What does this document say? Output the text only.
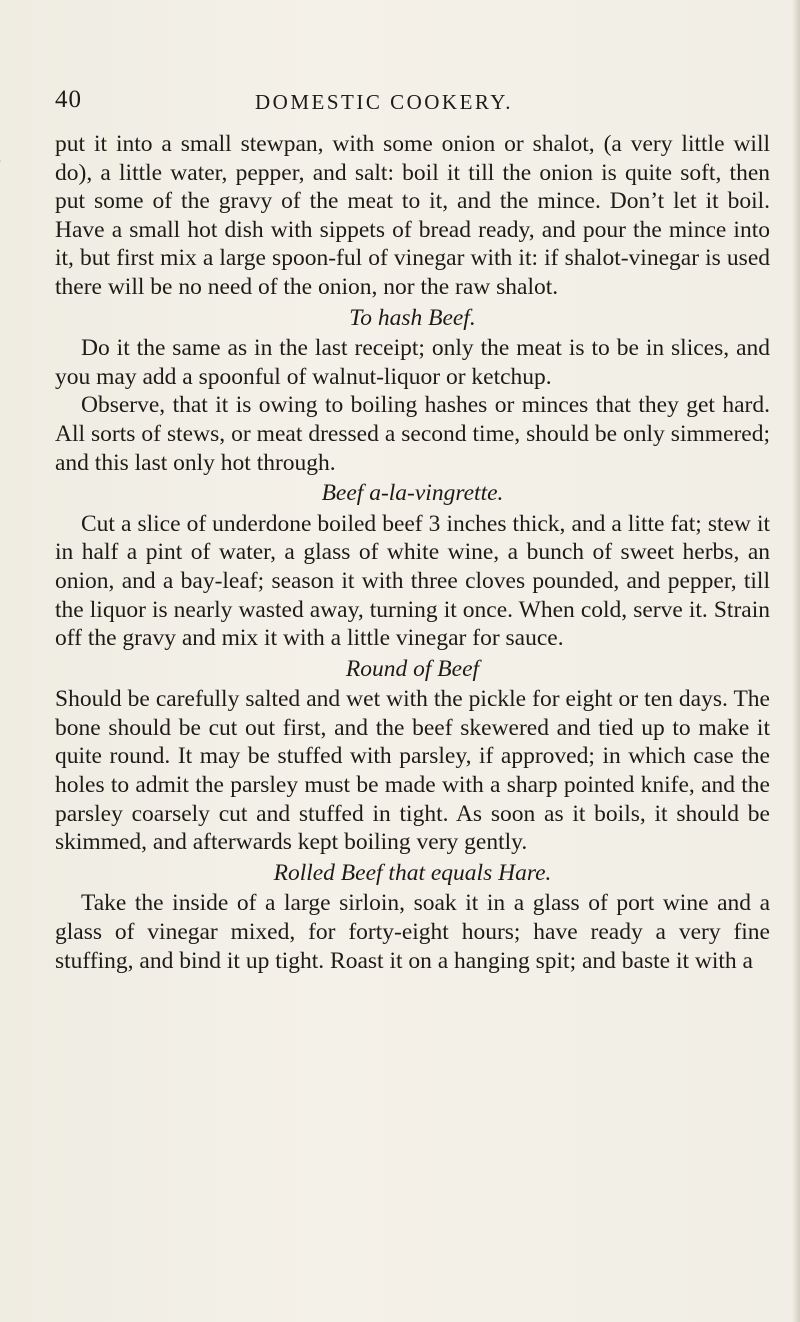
40	DOMESTIC COOKERY.

put it into a small stewpan, with some onion or shalot, (a very little will do), a little water, pepper, and salt: boil it till the onion is quite soft, then put some of the gravy of the meat to it, and the mince. Don’t let it boil. Have a small hot dish with sippets of bread ready, and pour the mince into it, but first mix a large spoon-ful of vinegar with it: if shalot-vinegar is used there will be no need of the onion, nor the raw shalot.

To hash Beef.

Do it the same as in the last receipt; only the meat is to be in slices, and you may add a spoonful of walnut-liquor or ketchup.

Observe, that it is owing to boiling hashes or minces that they get hard. All sorts of stews, or meat dressed a second time, should be only simmered; and this last only hot through.

Beef a-la-vingrette.

Cut a slice of underdone boiled beef 3 inches thick, and a litte fat; stew it in half a pint of water, a glass of white wine, a bunch of sweet herbs, an onion, and a bay-leaf; season it with three cloves pounded, and pepper, till the liquor is nearly wasted away, turning it once. When cold, serve it. Strain off the gravy and mix it with a little vinegar for sauce.

Round of Beef

Should be carefully salted and wet with the pickle for eight or ten days. The bone should be cut out first, and the beef skewered and tied up to make it quite round. It may be stuffed with parsley, if approved; in which case the holes to admit the parsley must be made with a sharp pointed knife, and the parsley coarsely cut and stuffed in tight. As soon as it boils, it should be skimmed, and afterwards kept boiling very gently.

Rolled Beef that equals Hare.

Take the inside of a large sirloin, soak it in a glass of port wine and a glass of vinegar mixed, for forty-eight hours; have ready a very fine stuffing, and bind it up tight. Roast it on a hanging spit; and baste it with a
